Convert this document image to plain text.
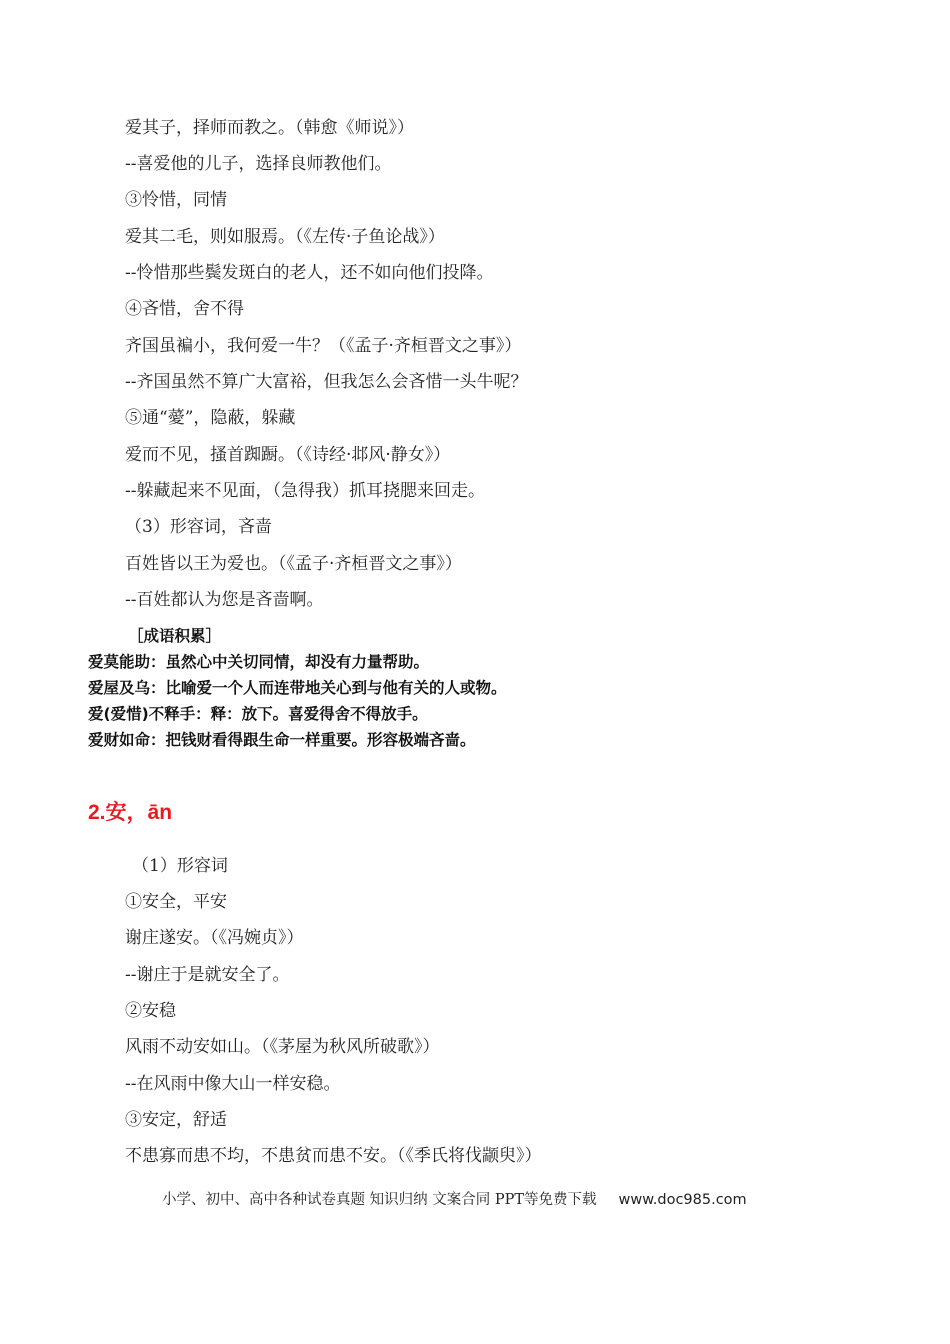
爱其子，择师而教之。（韩愈《师说》）
--喜爱他的儿子，选择良师教他们。
③怜惜，同情
爱其二毛，则如服焉。（《左传·子鱼论战》）
--怜惜那些鬓发斑白的老人，还不如向他们投降。
④吝惜，舍不得
齐国虽褊小，我何爱一牛？（《孟子·齐桓晋文之事》）
--齐国虽然不算广大富裕，但我怎么会吝惜一头牛呢？
⑤通“薆”，隐蔽，躲藏
爱而不见，搔首踟蹰。（《诗经·邶风·静女》）
--躲藏起来不见面，（急得我）抓耳挠腮来回走。
（3）形容词，吝啬
百姓皆以王为爱也。（《孟子·齐桓晋文之事》）
--百姓都认为您是吝啬啊。
［成语积累］
爱莫能助：虽然心中关切同情，却没有力量帮助。
爱屋及乌：比喻爱一个人而连带地关心到与他有关的人或物。
爱(爱惜)不释手：释：放下。喜爱得舍不得放手。
爱财如命：把钱财看得跟生命一样重要。形容极端吝啬。
2.安，ān
（1）形容词
①安全，平安
谢庄遂安。（《冯婉贞》）
--谢庄于是就安全了。
②安稳
风雨不动安如山。（《茅屋为秋风所破歌》）
--在风雨中像大山一样安稳。
③安定，舒适
不患寡而患不均，不患贫而患不安。（《季氏将伐颛臾》）
小学、初中、高中各种试卷真题 知识归纳 文案合同 PPT等免费下载 www.doc985.com
